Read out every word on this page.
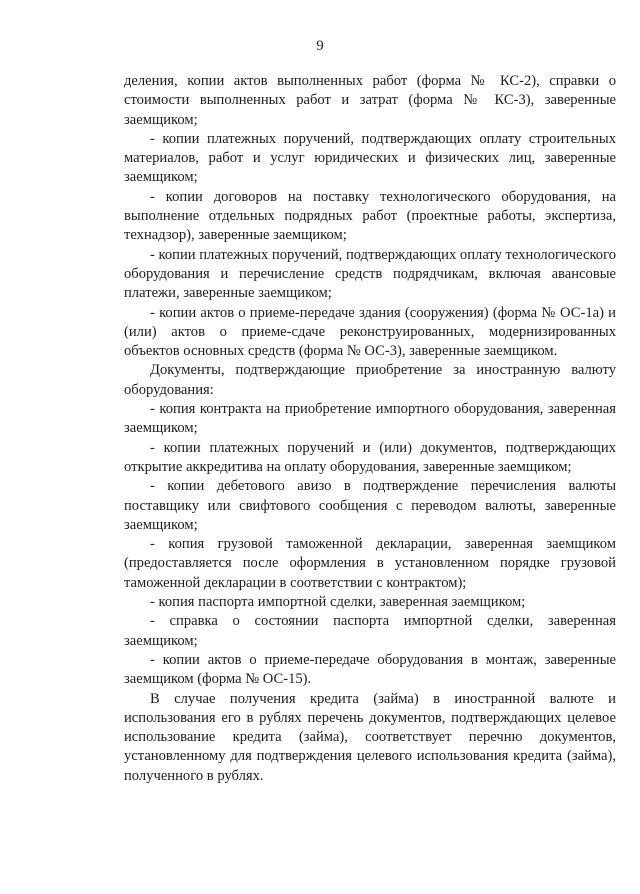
9

деления, копии актов выполненных работ (форма № КС-2), справки о стоимости выполненных работ и затрат (форма № КС-3), заверенные заемщиком;

- копии платежных поручений, подтверждающих оплату строительных материалов, работ и услуг юридических и физических лиц, заверенные заемщиком;

- копии договоров на поставку технологического оборудования, на выполнение отдельных подрядных работ (проектные работы, экспертиза, технадзор), заверенные заемщиком;

- копии платежных поручений, подтверждающих оплату технологического оборудования и перечисление средств подрядчикам, включая авансовые платежи, заверенные заемщиком;

- копии актов о приеме-передаче здания (сооружения) (форма № ОС-1а) и (или) актов о приеме-сдаче реконструированных, модернизированных объектов основных средств (форма № ОС-3), заверенные заемщиком.

Документы, подтверждающие приобретение за иностранную валюту оборудования:

- копия контракта на приобретение импортного оборудования, заверенная заемщиком;

- копии платежных поручений и (или) документов, подтверждающих открытие аккредитива на оплату оборудования, заверенные заемщиком;

- копии дебетового авизо в подтверждение перечисления валюты поставщику или свифтового сообщения с переводом валюты, заверенные заемщиком;

- копия грузовой таможенной декларации, заверенная заемщиком (предоставляется после оформления в установленном порядке грузовой таможенной декларации в соответствии с контрактом);

- копия паспорта импортной сделки, заверенная заемщиком;

- справка о состоянии паспорта импортной сделки, заверенная заемщиком;

- копии актов о приеме-передаче оборудования в монтаж, заверенные заемщиком (форма № ОС-15).

В случае получения кредита (займа) в иностранной валюте и использования его в рублях перечень документов, подтверждающих целевое использование кредита (займа), соответствует перечню документов, установленному для подтверждения целевого использования кредита (займа), полученного в рублях.
